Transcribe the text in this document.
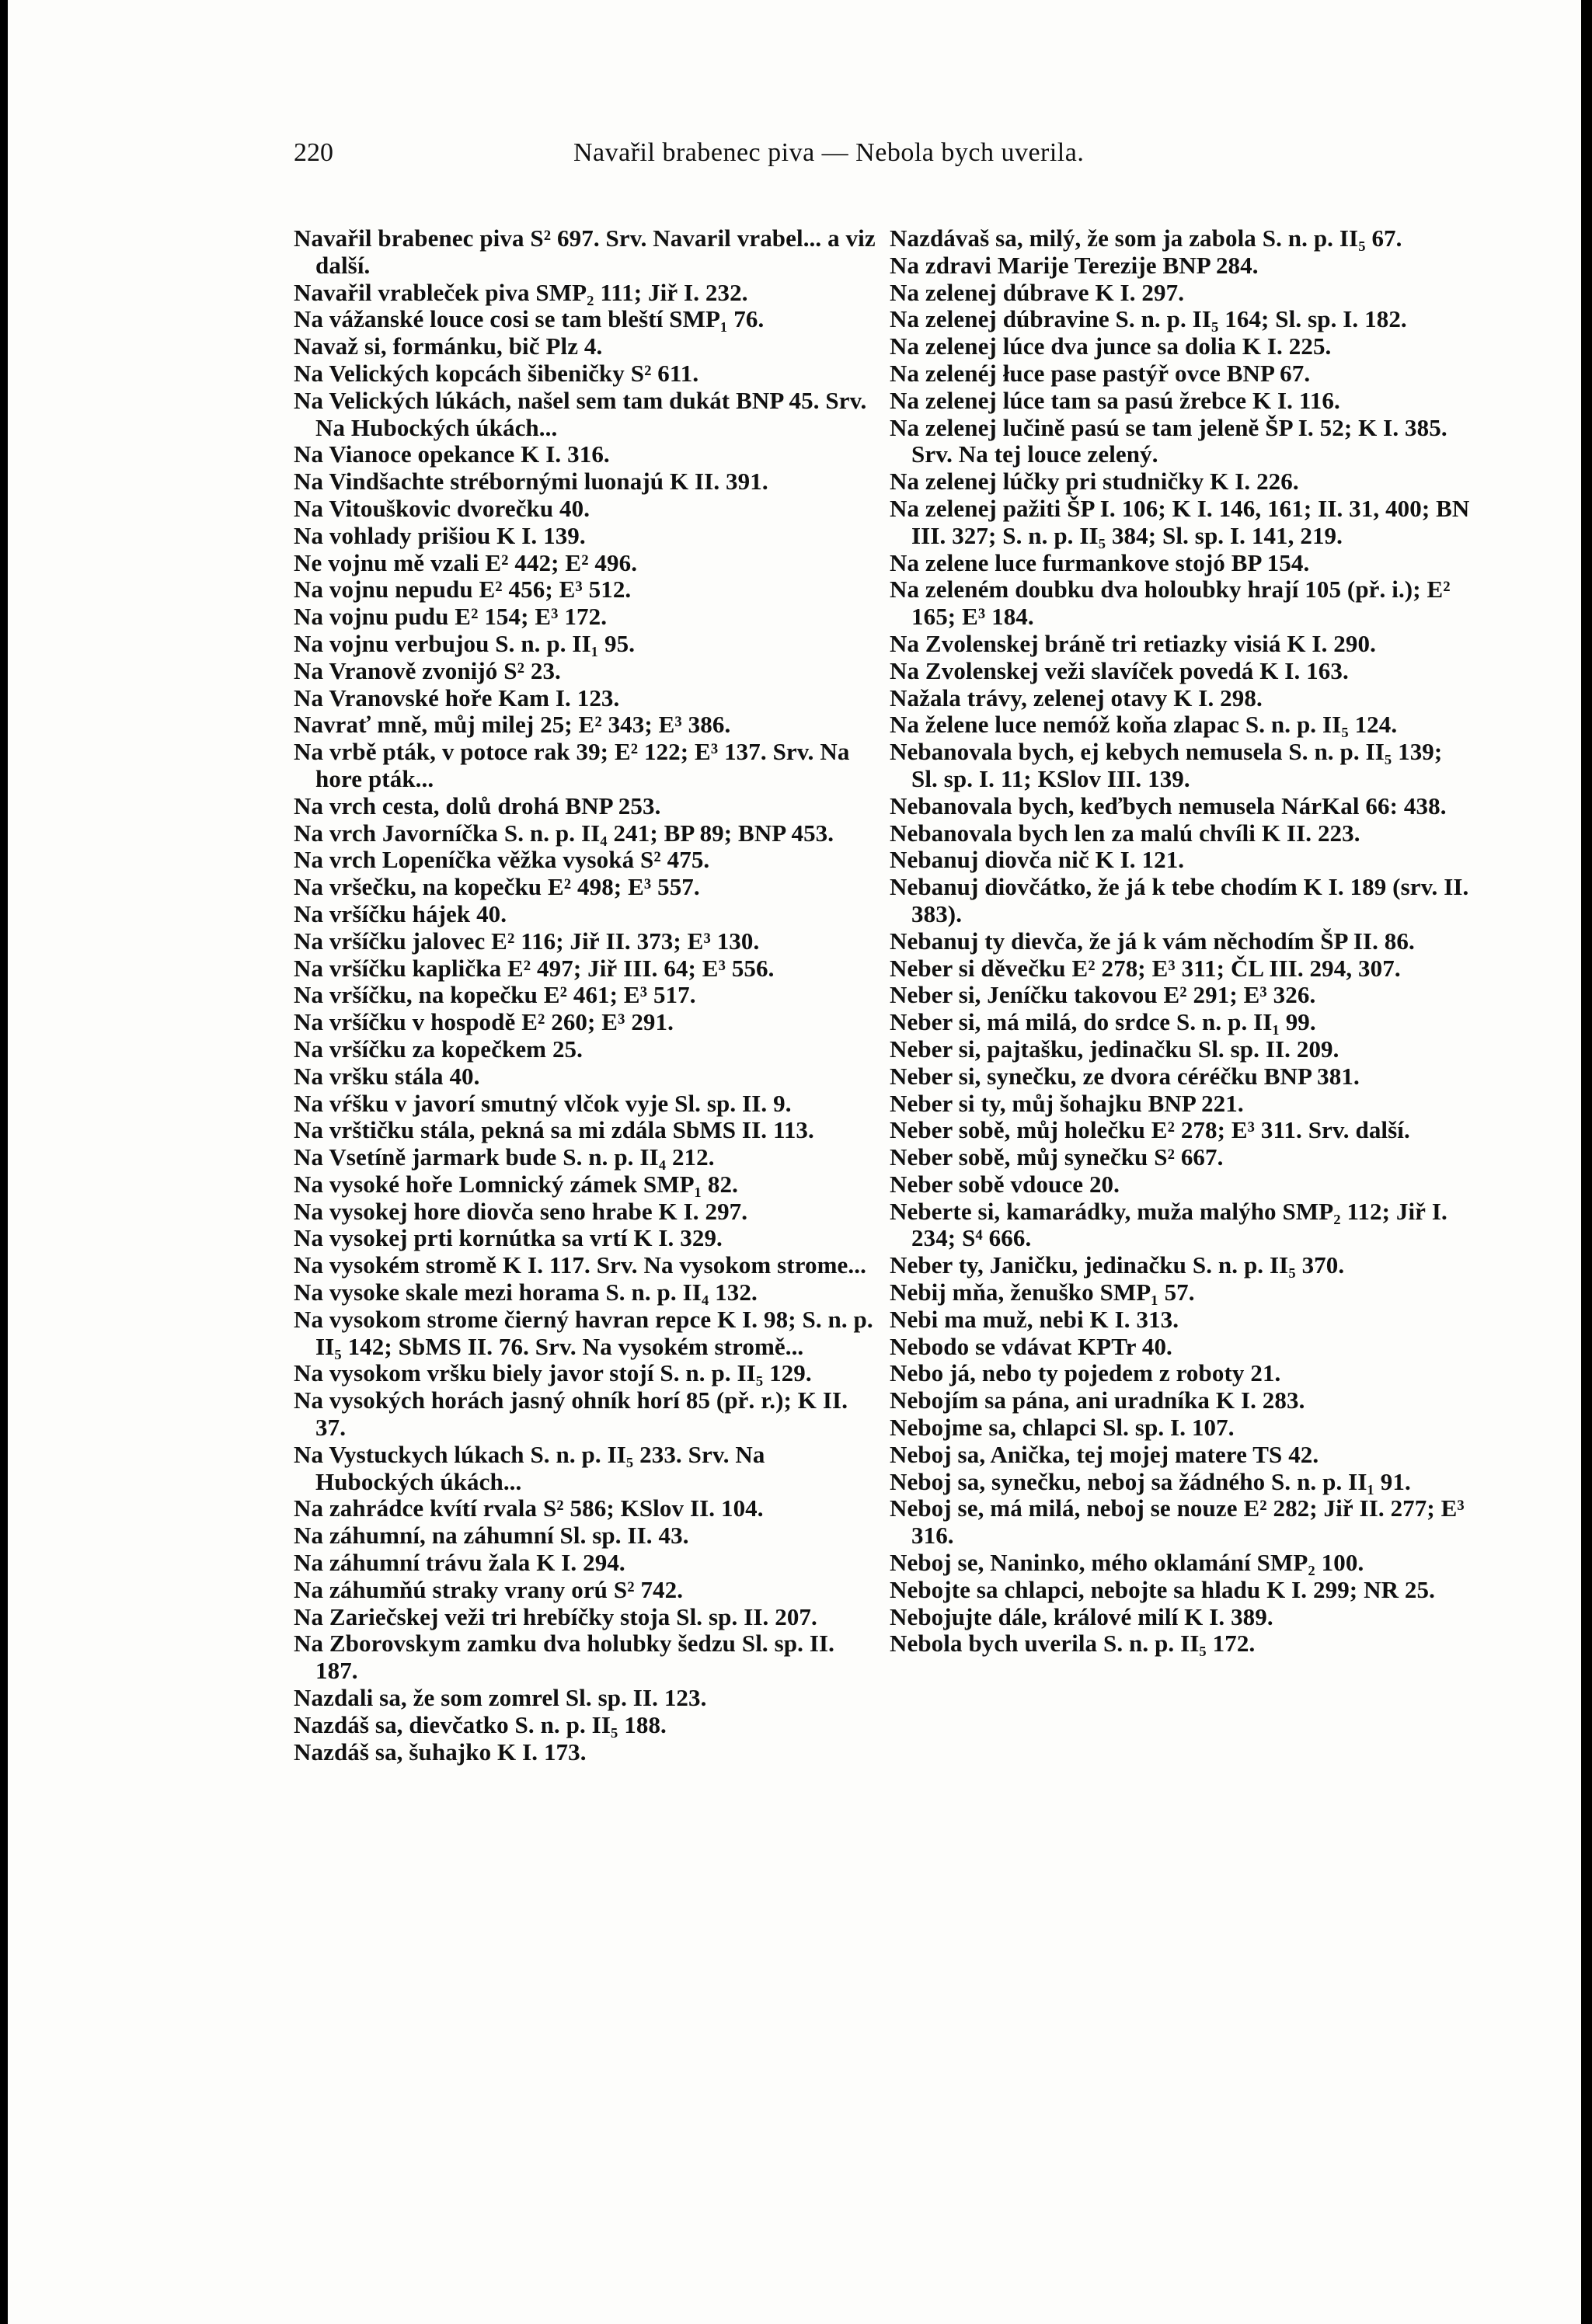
220	Navařil brabenec piva — Nebola bych uverila.

Navařil brabenec piva S² 697. Srv. Navaril vrabel... a viz další.

Navařil vrableček piva SMP₂ 111; Jiř I. 232.

Na vážanské louce cosi se tam bleští SMP₁ 76.

Navaž si, formánku, bič Plz 4.

Na Velických kopcách šibeničky S² 611.

Na Velických lúkách, našel sem tam dukát BNP 45. Srv. Na Hubockých úkách...

Na Vianoce opekance K I. 316.

Na Vindšachte strébornými luonajú K II. 391.

Na Vitouškovic dvorečku 40.

Na vohlady prišiou K I. 139.

Ne vojnu mě vzali E² 442; E² 496.

Na vojnu nepudu E² 456; E³ 512.

Na vojnu pudu E² 154; E³ 172.

Na vojnu verbujou S. n. p. II₁ 95.

Na Vranově zvonijó S² 23.

Na Vranovské hoře Kam I. 123.

Navrať mně, můj milej 25; E² 343; E³ 386.

Na vrbě pták, v potoce rak 39; E² 122; E³ 137. Srv. Na hore pták...

Na vrch cesta, dolů drohá BNP 253.

Na vrch Javorníčka S. n. p. II₄ 241; BP 89; BNP 453.

Na vrch Lopeníčka věžka vysoká S² 475.

Na vršečku, na kopečku E² 498; E³ 557.

Na vršíčku hájek 40.

Na vršíčku jalovec E² 116; Jiř II. 373; E³ 130.

Na vršíčku kaplička E² 497; Jiř III. 64; E³ 556.

Na vršíčku, na kopečku E² 461; E³ 517.

Na vršíčku v hospodě E² 260; E³ 291.

Na vršíčku za kopečkem 25.

Na vršku stála 40.

Na vŕšku v javorí smutný vlčok vyje Sl. sp. II. 9.

Na vrštičku stála, pekná sa mi zdála SbMS II. 113.

Na Vsetíně jarmark bude S. n. p. II₄ 212.

Na vysoké hoře Lomnický zámek SMP₁ 82.

Na vysokej hore diovča seno hrabe K I. 297.

Na vysokej prti kornútka sa vrtí K I. 329.

Na vysokém stromě K I. 117. Srv. Na vysokom strome...

Na vysoke skale mezi horama S. n. p. II₄ 132.

Na vysokom strome čierný havran repce K I. 98; S. n. p. II₅ 142; SbMS II. 76. Srv. Na vysokém stromě...

Na vysokom vršku biely javor stojí S. n. p. II₅ 129.

Na vysokých horách jasný ohník horí 85 (př. r.); K II. 37.

Na Vystuckych lúkach S. n. p. II₅ 233. Srv. Na Hubockých úkách...

Na zahrádce kvítí rvala S² 586; KSlov II. 104.

Na záhumní, na záhumní Sl. sp. II. 43.

Na záhumní trávu žala K I. 294.

Na záhumňú straky vrany orú S² 742.

Na Zariečskej veži tri hrebíčky stoja Sl. sp. II. 207.

Na Zborovskym zamku dva holubky šedzu Sl. sp. II. 187.

Nazdali sa, že som zomrel Sl. sp. II. 123.

Nazdáš sa, dievčatko S. n. p. II₅ 188.

Nazdáš sa, šuhajko K I. 173.

Nazdávaš sa, milý, že som ja zabola S. n. p. II₅ 67.

Na zdravi Marije Terezije BNP 284.

Na zelenej dúbrave K I. 297.

Na zelenej dúbravine S. n. p. II₅ 164; Sl. sp. I. 182.

Na zelenej lúce dva junce sa dolia K I. 225.

Na zelenéj łuce pase pastýř ovce BNP 67.

Na zelenej lúce tam sa pasú žrebce K I. 116.

Na zelenej lučině pasú se tam jelenĕ ŠP I. 52; K I. 385. Srv. Na tej louce zelený.

Na zelenej lúčky pri studničky K I. 226.

Na zelenej pažiti ŠP I. 106; K I. 146, 161; II. 31, 400; BN III. 327; S. n. p. II₅ 384; Sl. sp. I. 141, 219.

Na zelene luce furmankove stojó BP 154.

Na zeleném doubku dva holoubky hrají 105 (př. i.); E² 165; E³ 184.

Na Zvolenskej bráně tri retiazky visiá K I. 290.

Na Zvolenskej veži slavíček povedá K I. 163.

Nažala trávy, zelenej otavy K I. 298.

Na želene luce nemóž koňa zlapac S. n. p. II₅ 124.

Nebanovala bych, ej kebych nemusela S. n. p. II₅ 139; Sl. sp. I. 11; KSlov III. 139.

Nebanovala bych, keďbych nemusela NárKal 66: 438.

Nebanovala bych len za malú chvíli K II. 223.

Nebanuj diovča nič K I. 121.

Nebanuj diovčátko, že já k tebe chodím K I. 189 (srv. II. 383).

Nebanuj ty dievča, že já k vám něchodím ŠP II. 86.

Neber si děvečku E² 278; E³ 311; ČL III. 294, 307.

Neber si, Jeníčku takovou E² 291; E³ 326.

Neber si, má milá, do srdce S. n. p. II₁ 99.

Neber si, pajtašku, jedinačku Sl. sp. II. 209.

Neber si, synečku, ze dvora céréčku BNP 381.

Neber si ty, můj šohajku BNP 221.

Neber sobě, můj holečku E² 278; E³ 311. Srv. další.

Neber sobě, můj synečku S² 667.

Neber sobě vdouce 20.

Neberte si, kamarádky, muža malýho SMP₂ 112; Jiř I. 234; S⁴ 666.

Neber ty, Janičku, jedinačku S. n. p. II₅ 370.

Nebij mňa, ženuško SMP₁ 57.

Nebi ma muž, nebi K I. 313.

Nebodo se vdávat KPTr 40.

Nebo já, nebo ty pojedem z roboty 21.

Nebojím sa pána, ani uradníka K I. 283.

Nebojme sa, chlapci Sl. sp. I. 107.

Neboj sa, Anička, tej mojej matere TS 42.

Neboj sa, synečku, neboj sa žádného S. n. p. II₁ 91.

Neboj se, má milá, neboj se nouze E² 282; Jiř II. 277; E³ 316.

Neboj se, Naninko, mého oklamání SMP₂ 100.

Nebojte sa chlapci, nebojte sa hladu K I. 299; NR 25.

Nebojujte dále, králové milí K I. 389.

Nebola bych uverila S. n. p. II₅ 172.
